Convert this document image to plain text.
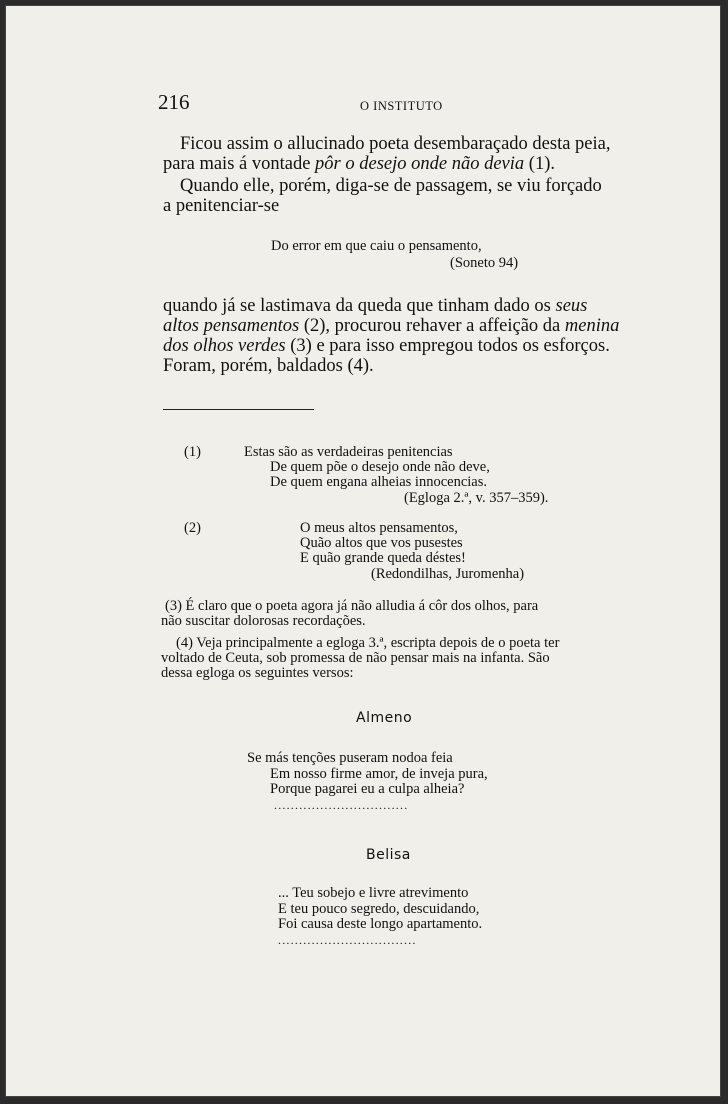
216	O INSTITUTO
Ficou assim o allucinado poeta desembaraçado desta peia,
para mais á vontade pôr o desejo onde não devia (1).
Quando elle, porém, diga-se de passagem, se viu forçado
a penitenciar-se
Do error em que caiu o pensamento,
(Soneto 94)
quando já se lastimava da queda que tinham dado os seus
altos pensamentos (2), procurou rehaver a affeição da menina
dos olhos verdes (3) e para isso empregou todos os esforços.
Foram, porém, baldados (4).
(1)	Estas são as verdadeiras penitencias
De quem põe o desejo onde não deve,
De quem engana alheias innocencias.
(Egloga 2.ª, v. 357–359).
(2)	O meus altos pensamentos,
Quão altos que vos pusestes
E quão grande queda déstes!
(Redondilhas, Juromenha)
(3) É claro que o poeta agora já não alludia á côr dos olhos, para
não suscitar dolorosas recordações.
(4) Veja principalmente a egloga 3.ª, escripta depois de o poeta ter
voltado de Ceuta, sob promessa de não pensar mais na infanta. São
dessa egloga os seguintes versos:
Almeno
Se más tenções puseram nodoa feia
Em nosso firme amor, de inveja pura,
Porque pagarei eu a culpa alheia?
................................
Belisa
... Teu sobejo e livre atrevimento
E teu pouco segredo, descuidando,
Foi causa deste longo apartamento.
.................................
